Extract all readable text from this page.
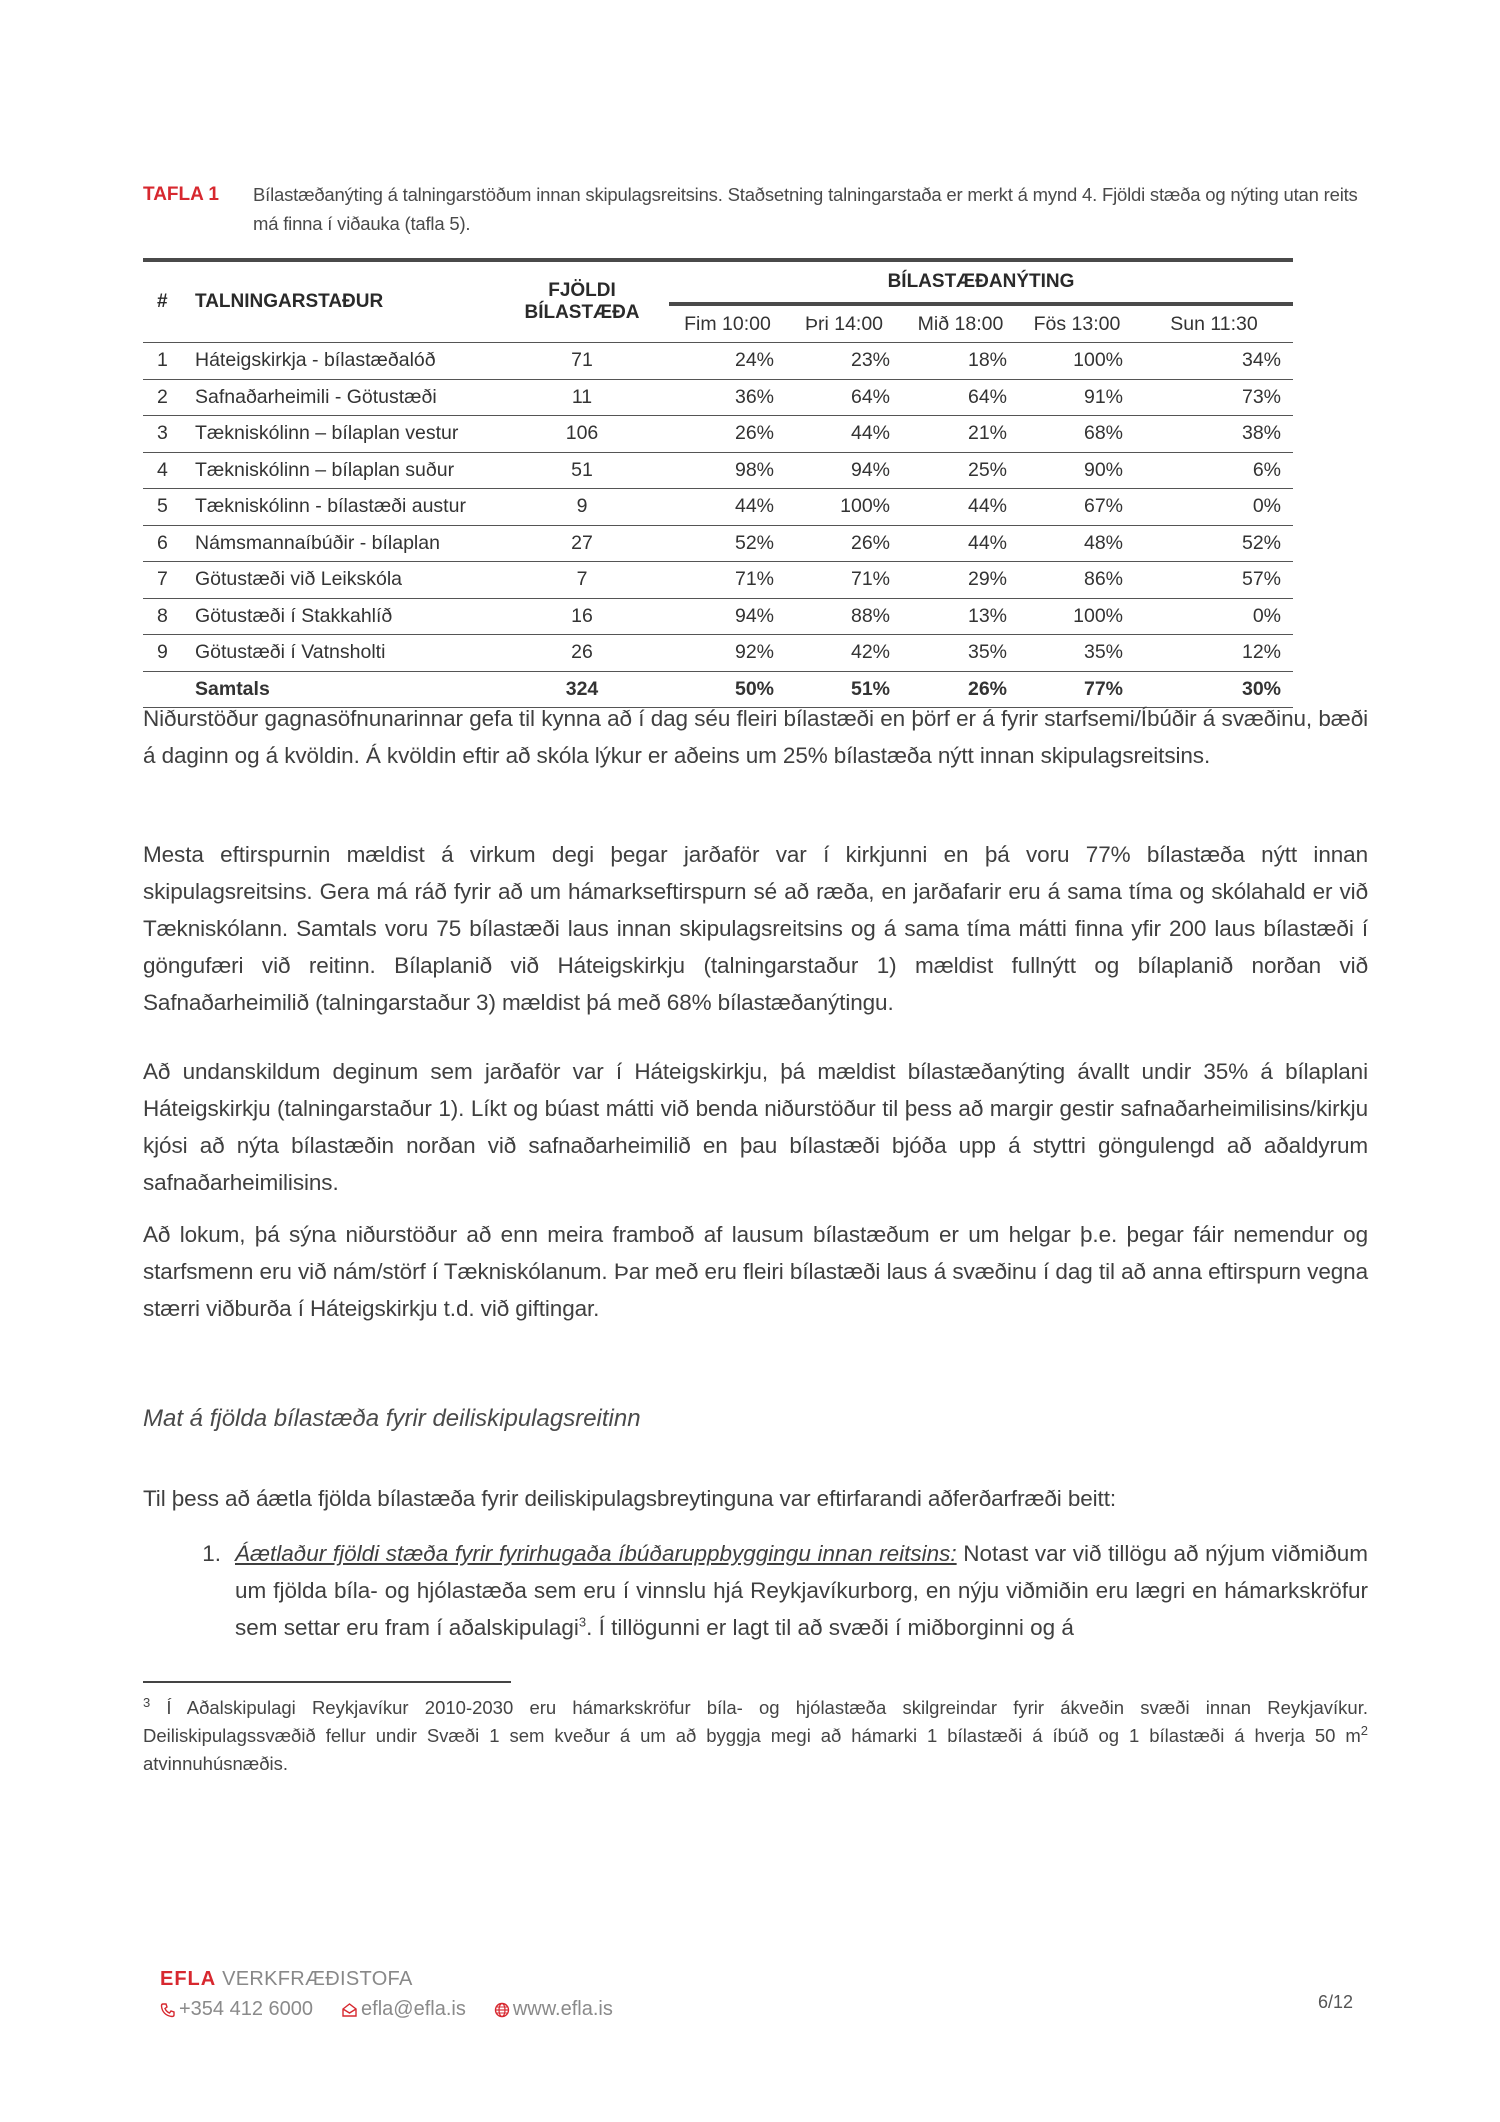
TAFLA 1	Bílastæðanýting á talningarstöðum innan skipulagsreitsins. Staðsetning talningarstaða er merkt á mynd 4. Fjöldi stæða og nýting utan reits má finna í viðauka (tafla 5).
#	TALNINGARSTAÐUR	FJÖLDI BÍLASTÆÐA	BÍLASTÆÐANÝTING				
			Fim 10:00	Þri 14:00	Mið 18:00	Fös 13:00	Sun 11:30
1	Háteigskirkja - bílastæðalóð	71	24%	23%	18%	100%	34%
2	Safnaðarheimili - Götustæði	11	36%	64%	64%	91%	73%
3	Tækniskólinn – bílaplan vestur	106	26%	44%	21%	68%	38%
4	Tækniskólinn – bílaplan suður	51	98%	94%	25%	90%	6%
5	Tækniskólinn - bílastæði austur	9	44%	100%	44%	67%	0%
6	Námsmannaíbúðir - bílaplan	27	52%	26%	44%	48%	52%
7	Götustæði við Leikskóla	7	71%	71%	29%	86%	57%
8	Götustæði í Stakkahlíð	16	94%	88%	13%	100%	0%
9	Götustæði í Vatnsholti	26	92%	42%	35%	35%	12%
	Samtals	324	50%	51%	26%	77%	30%

Niðurstöður gagnasöfnunarinnar gefa til kynna að í dag séu fleiri bílastæði en þörf er á fyrir starfsemi/Íbúðir á svæðinu, bæði á daginn og á kvöldin. Á kvöldin eftir að skóla lýkur er aðeins um 25% bílastæða nýtt innan skipulagsreitsins.

Mesta eftirspurnin mældist á virkum degi þegar jarðaför var í kirkjunni en þá voru 77% bílastæða nýtt innan skipulagsreitsins. Gera má ráð fyrir að um hámarkseftirspurn sé að ræða, en jarðafarir eru á sama tíma og skólahald er við Tækniskólann. Samtals voru 75 bílastæði laus innan skipulagsreitsins og á sama tíma mátti finna yfir 200 laus bílastæði í göngufæri við reitinn. Bílaplanið við Háteigskirkju (talningarstaður 1) mældist fullnýtt og bílaplanið norðan við Safnaðarheimilið (talningarstaður 3) mældist þá með 68% bílastæðanýtingu.

Að undanskildum deginum sem jarðaför var í Háteigskirkju, þá mældist bílastæðanýting ávallt undir 35% á bílaplani Háteigskirkju (talningarstaður 1). Líkt og búast mátti við benda niðurstöður til þess að margir gestir safnaðarheimilisins/kirkju kjósi að nýta bílastæðin norðan við safnaðarheimilið en þau bílastæði bjóða upp á styttri göngulengd að aðaldyrum safnaðarheimilisins.

Að lokum, þá sýna niðurstöður að enn meira framboð af lausum bílastæðum er um helgar þ.e. þegar fáir nemendur og starfsmenn eru við nám/störf í Tækniskólanum. Þar með eru fleiri bílastæði laus á svæðinu í dag til að anna eftirspurn vegna stærri viðburða í Háteigskirkju t.d. við giftingar.

Mat á fjölda bílastæða fyrir deiliskipulagsreitinn

Til þess að áætla fjölda bílastæða fyrir deiliskipulagsbreytinguna var eftirfarandi aðferðarfræði beitt:

1. Áætlaður fjöldi stæða fyrir fyrirhugaða íbúðaruppbyggingu innan reitsins: Notast var við tillögu að nýjum viðmiðum um fjölda bíla- og hjólastæða sem eru í vinnslu hjá Reykjavíkurborg, en nýju viðmiðin eru lægri en hámarkskröfur sem settar eru fram í aðalskipulagi$^3$. Í tillögunni er lagt til að svæði í miðborginni og á
$^3$ Í Aðalskipulagi Reykjavíkur 2010-2030 eru hámarkskröfur bíla- og hjólastæða skilgreindar fyrir ákveðin svæði innan Reykjavíkur. Deiliskipulagssvæðið fellur undir Svæði 1 sem kveður á um að byggja megi að hámarki 1 bílastæði á íbúð og 1 bílastæði á hverja 50 $m^2$ atvinnuhúsnæðis.
EFLA VERKFRÆÐISTOFA
+354 412 6000 efla@efla.is www.efla.is	6/12
